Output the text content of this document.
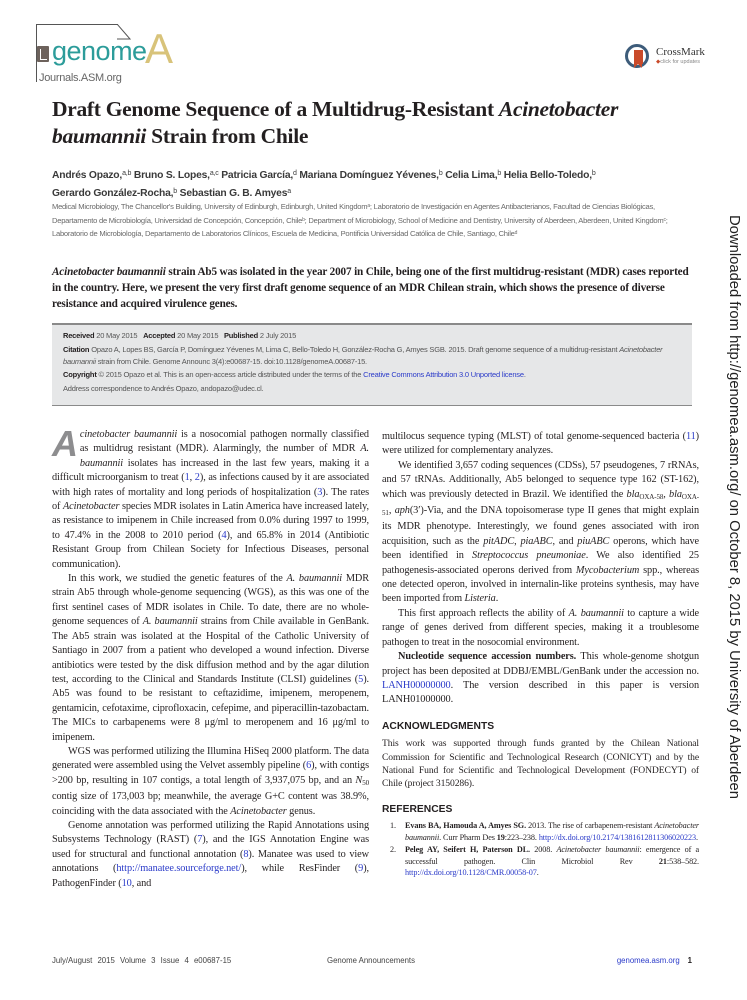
genome
A
Journals.ASM.org
CrossMark
◆ click for updates
Draft Genome Sequence of a Multidrug-Resistant Acinetobacter
baumannii Strain from Chile
Andrés Opazo,$^{a,b}$ Bruno S. Lopes,$^{a,c}$ Patricia García,$^d$ Mariana Domínguez Yévenes,$^b$ Celia Lima,$^b$ Helia Bello-Toledo,$^b$
Gerardo González-Rocha,$^b$ Sebastian G. B. Amyes$^a$
Medical Microbiology, The Chancellor's Building, University of Edinburgh, Edinburgh, United Kingdom$^a$; Laboratorio de Investigación en Agentes Antibacterianos, Facultad de Ciencias Biológicas, Departamento de Microbiología, Universidad de Concepción, Concepción, Chile$^b$; Department of Microbiology, School of Medicine and Dentistry, University of Aberdeen, Aberdeen, United Kingdom$^c$; Laboratorio de Microbiología, Departamento de Laboratorios Clínicos, Escuela de Medicina, Pontificia Universidad Católica de Chile, Santiago, Chile$^d$

Acinetobacter baumannii strain Ab5 was isolated in the year 2007 in Chile, being one of the first multidrug-resistant (MDR) cases reported in the country. Here, we present the very first draft genome sequence of an MDR Chilean strain, which shows the presence of diverse resistance and acquired virulence genes.

Received 20 May 2015 Accepted 20 May 2015 Published 2 July 2015
Citation Opazo A, Lopes BS, García P, Domínguez Yévenes M, Lima C, Bello-Toledo H, González-Rocha G, Amyes SGB. 2015. Draft genome sequence of a multidrug-resistant Acinetobacter baumannii strain from Chile. Genome Announc 3(4):e00687-15. doi:10.1128/genomeA.00687-15.
Copyright © 2015 Opazo et al. This is an open-access article distributed under the terms of the Creative Commons Attribution 3.0 Unported license.
Address correspondence to Andrés Opazo, andopazo@udec.cl.

Acinetobacter baumannii is a nosocomial pathogen normally classified as multidrug resistant (MDR). Alarmingly, the number of MDR A. baumannii isolates has increased in the last few years, making it a difficult microorganism to treat (1, 2), as infections caused by it are associated with high rates of mortality and long periods of hospitalization (3). The rates of Acinetobacter species MDR isolates in Latin America have increased lately, as resistance to imipenem in Chile increased from 0.0% during 1997 to 1999, to 47.4% in the 2008 to 2010 period (4), and 65.8% in 2014 (Antibiotic Resistant Group from Chilean Society for Infectious Diseases, personal communication).

In this work, we studied the genetic features of the A. baumannii MDR strain Ab5 through whole-genome sequencing (WGS), as this was one of the first sentinel cases of MDR isolates in Chile. To date, there are no whole-genome sequences of A. baumannii strains from Chile available in GenBank. The Ab5 strain was isolated at the Hospital of the Catholic University of Santiago in 2007 from a patient who developed a wound infection. Diverse antibiotics were tested by the disk diffusion method and by the agar dilution test, according to the Clinical and Standards Institute (CLSI) guidelines (5). Ab5 was found to be resistant to ceftazidime, imipenem, meropenem, gentamicin, cefotaxime, ciprofloxacin, cefepime, and piperacillin-tazobactam. The MICs to carbapenems were 8 μg/ml to meropenem and 16 μg/ml to imipenem.

WGS was performed utilizing the Illumina HiSeq 2000 platform. The data generated were assembled using the Velvet assembly pipeline (6), with contigs >200 bp, resulting in 107 contigs, a total length of 3,937,075 bp, and an $N_{50}$ contig size of 173,003 bp; meanwhile, the average G+C content was 38.9%, coinciding with the data associated with the Acinetobacter genus.

Genome annotation was performed utilizing the Rapid Annotations using Subsystems Technology (RAST) (7), and the IGS Annotation Engine was used for structural and functional annotation (8). Manatee was used to view annotations (http://manatee.sourceforge.net/), while ResFinder (9), PathogenFinder (10, and

multilocus sequence typing (MLST) of total genome-sequenced bacteria (11) were utilized for complementary analyzes.

We identified 3,657 coding sequences (CDSs), 57 pseudogenes, 7 rRNAs, and 57 tRNAs. Additionally, Ab5 belonged to sequence type 162 (ST-162), which was previously detected in Brazil. We identified the bla$_{OXA-58}$, bla$_{OXA-51}$, aph(3′)-Via, and the DNA topoisomerase type II genes that might explain its MDR phenotype. Interestingly, we found genes associated with iron acquisition, such as the pitADC, piaABC, and piuABC operons, which have been identified in Streptococcus pneumoniae. We also identified 25 pathogenesis-associated operons derived from Mycobacterium spp., whereas one detected operon, involved in internalin-like proteins synthesis, may have been imported from Listeria.

This first approach reflects the ability of A. baumannii to capture a wide range of genes derived from different species, making it a troublesome pathogen to treat in the nosocomial environment.

Nucleotide sequence accession numbers. This whole-genome shotgun project has been deposited at DDBJ/EMBL/GenBank under the accession no. LANH00000000. The version described in this paper is version LANH01000000.

ACKNOWLEDGMENTS

This work was supported through funds granted by the Chilean National Commission for Scientific and Technological Research (CONICYT) and by the National Fund for Scientific and Technological Development (FONDECYT) of Chile (project 3150286).

REFERENCES
1. Evans BA, Hamouda A, Amyes SG. 2013. The rise of carbapenem-resistant Acinetobacter baumannii. Curr Pharm Des 19:223–238. http://dx.doi.org/10.2174/138161281130602022​3.
2. Peleg AY, Seifert H, Paterson DL. 2008. Acinetobacter baumannii: emergence of a successful pathogen. Clin Microbiol Rev 21:538–582. http://dx.doi.org/10.1128/CMR.00058-07.
July/August 2015 Volume 3 Issue 4 e00687-15	Genome Announcements	genomea.asm.org 1
Downloaded from http://genomea.asm.org/ on October 8, 2015 by University of Aberdeen
